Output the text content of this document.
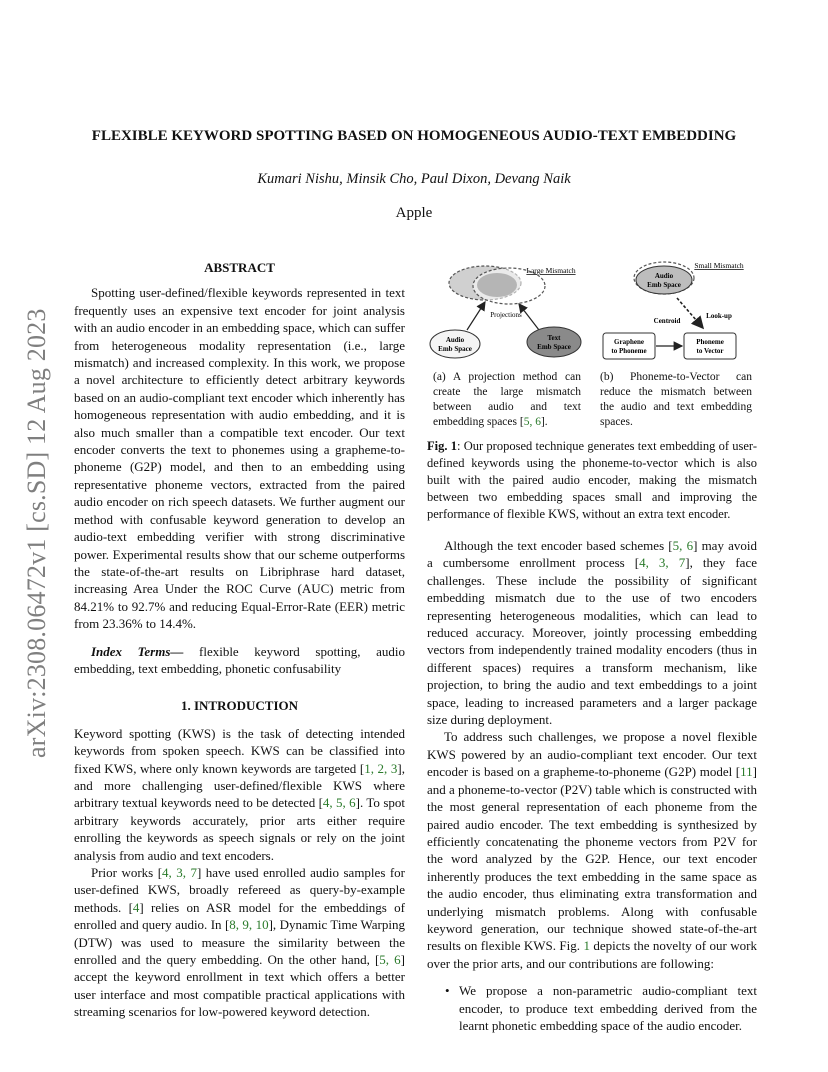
arXiv:2308.06472v1 [cs.SD] 12 Aug 2023
FLEXIBLE KEYWORD SPOTTING BASED ON HOMOGENEOUS AUDIO-TEXT EMBEDDING
Kumari Nishu, Minsik Cho, Paul Dixon, Devang Naik
Apple
ABSTRACT

Spotting user-defined/flexible keywords represented in text frequently uses an expensive text encoder for joint analysis with an audio encoder in an embedding space, which can suffer from heterogeneous modality representation (i.e., large mismatch) and increased complexity. In this work, we propose a novel architecture to efficiently detect arbitrary keywords based on an audio-compliant text encoder which inherently has homogeneous representation with audio embedding, and it is also much smaller than a compatible text encoder. Our text encoder converts the text to phonemes using a grapheme-to-phoneme (G2P) model, and then to an embedding using representative phoneme vectors, extracted from the paired audio encoder on rich speech datasets. We further augment our method with confusable keyword generation to develop an audio-text embedding verifier with strong discriminative power. Experimental results show that our scheme outperforms the state-of-the-art results on Libriphrase hard dataset, increasing Area Under the ROC Curve (AUC) metric from 84.21% to 92.7% and reducing Equal-Error-Rate (EER) metric from 23.36% to 14.4%.

Index Terms— flexible keyword spotting, audio embedding, text embedding, phonetic confusability

1. INTRODUCTION

Keyword spotting (KWS) is the task of detecting intended keywords from spoken speech. KWS can be classified into fixed KWS, where only known keywords are targeted [1, 2, 3], and more challenging user-defined/flexible KWS where arbitrary textual keywords need to be detected [4, 5, 6]. To spot arbitrary keywords accurately, prior arts either require enrolling the keywords as speech signals or rely on the joint analysis from audio and text encoders.

Prior works [4, 3, 7] have used enrolled audio samples for user-defined KWS, broadly refereed as query-by-example methods. [4] relies on ASR model for the embeddings of enrolled and query audio. In [8, 9, 10], Dynamic Time Warping (DTW) was used to measure the similarity between the enrolled and the query embedding. On the other hand, [5, 6] accept the keyword enrollment in text which offers a better user interface and most compatible practical applications with streaming scenarios for low-powered keyword detection.

Large Mismatch
Projections
Audio
Emb Space
Text
Emb Space
Audio
Emb Space
Small Mismatch
Centroid
Look-up
Graphene
to Phoneme
Phoneme
to Vector
(a) A projection method can create the large mismatch between audio and text embedding spaces [5, 6].
(b) Phoneme-to-Vector can reduce the mismatch between the audio and text embedding spaces.

Fig. 1: Our proposed technique generates text embedding of user-defined keywords using the phoneme-to-vector which is also built with the paired audio encoder, making the mismatch between two embedding spaces small and improving the performance of flexible KWS, without an extra text encoder.

Although the text encoder based schemes [5, 6] may avoid a cumbersome enrollment process [4, 3, 7], they face challenges. These include the possibility of significant embedding mismatch due to the use of two encoders representing heterogeneous modalities, which can lead to reduced accuracy. Moreover, jointly processing embedding vectors from independently trained modality encoders (thus in different spaces) requires a transform mechanism, like projection, to bring the audio and text embeddings to a joint space, leading to increased parameters and a larger package size during deployment.

To address such challenges, we propose a novel flexible KWS powered by an audio-compliant text encoder. Our text encoder is based on a grapheme-to-phoneme (G2P) model [11] and a phoneme-to-vector (P2V) table which is constructed with the most general representation of each phoneme from the paired audio encoder. The text embedding is synthesized by efficiently concatenating the phoneme vectors from P2V for the word analyzed by the G2P. Hence, our text encoder inherently produces the text embedding in the same space as the audio encoder, thus eliminating extra transformation and underlying mismatch problems. Along with confusable keyword generation, our technique showed state-of-the-art results on flexible KWS. Fig. 1 depicts the novelty of our work over the prior arts, and our contributions are following:

• We propose a non-parametric audio-compliant text encoder, to produce text embedding derived from the learnt phonetic embedding space of the audio encoder.
